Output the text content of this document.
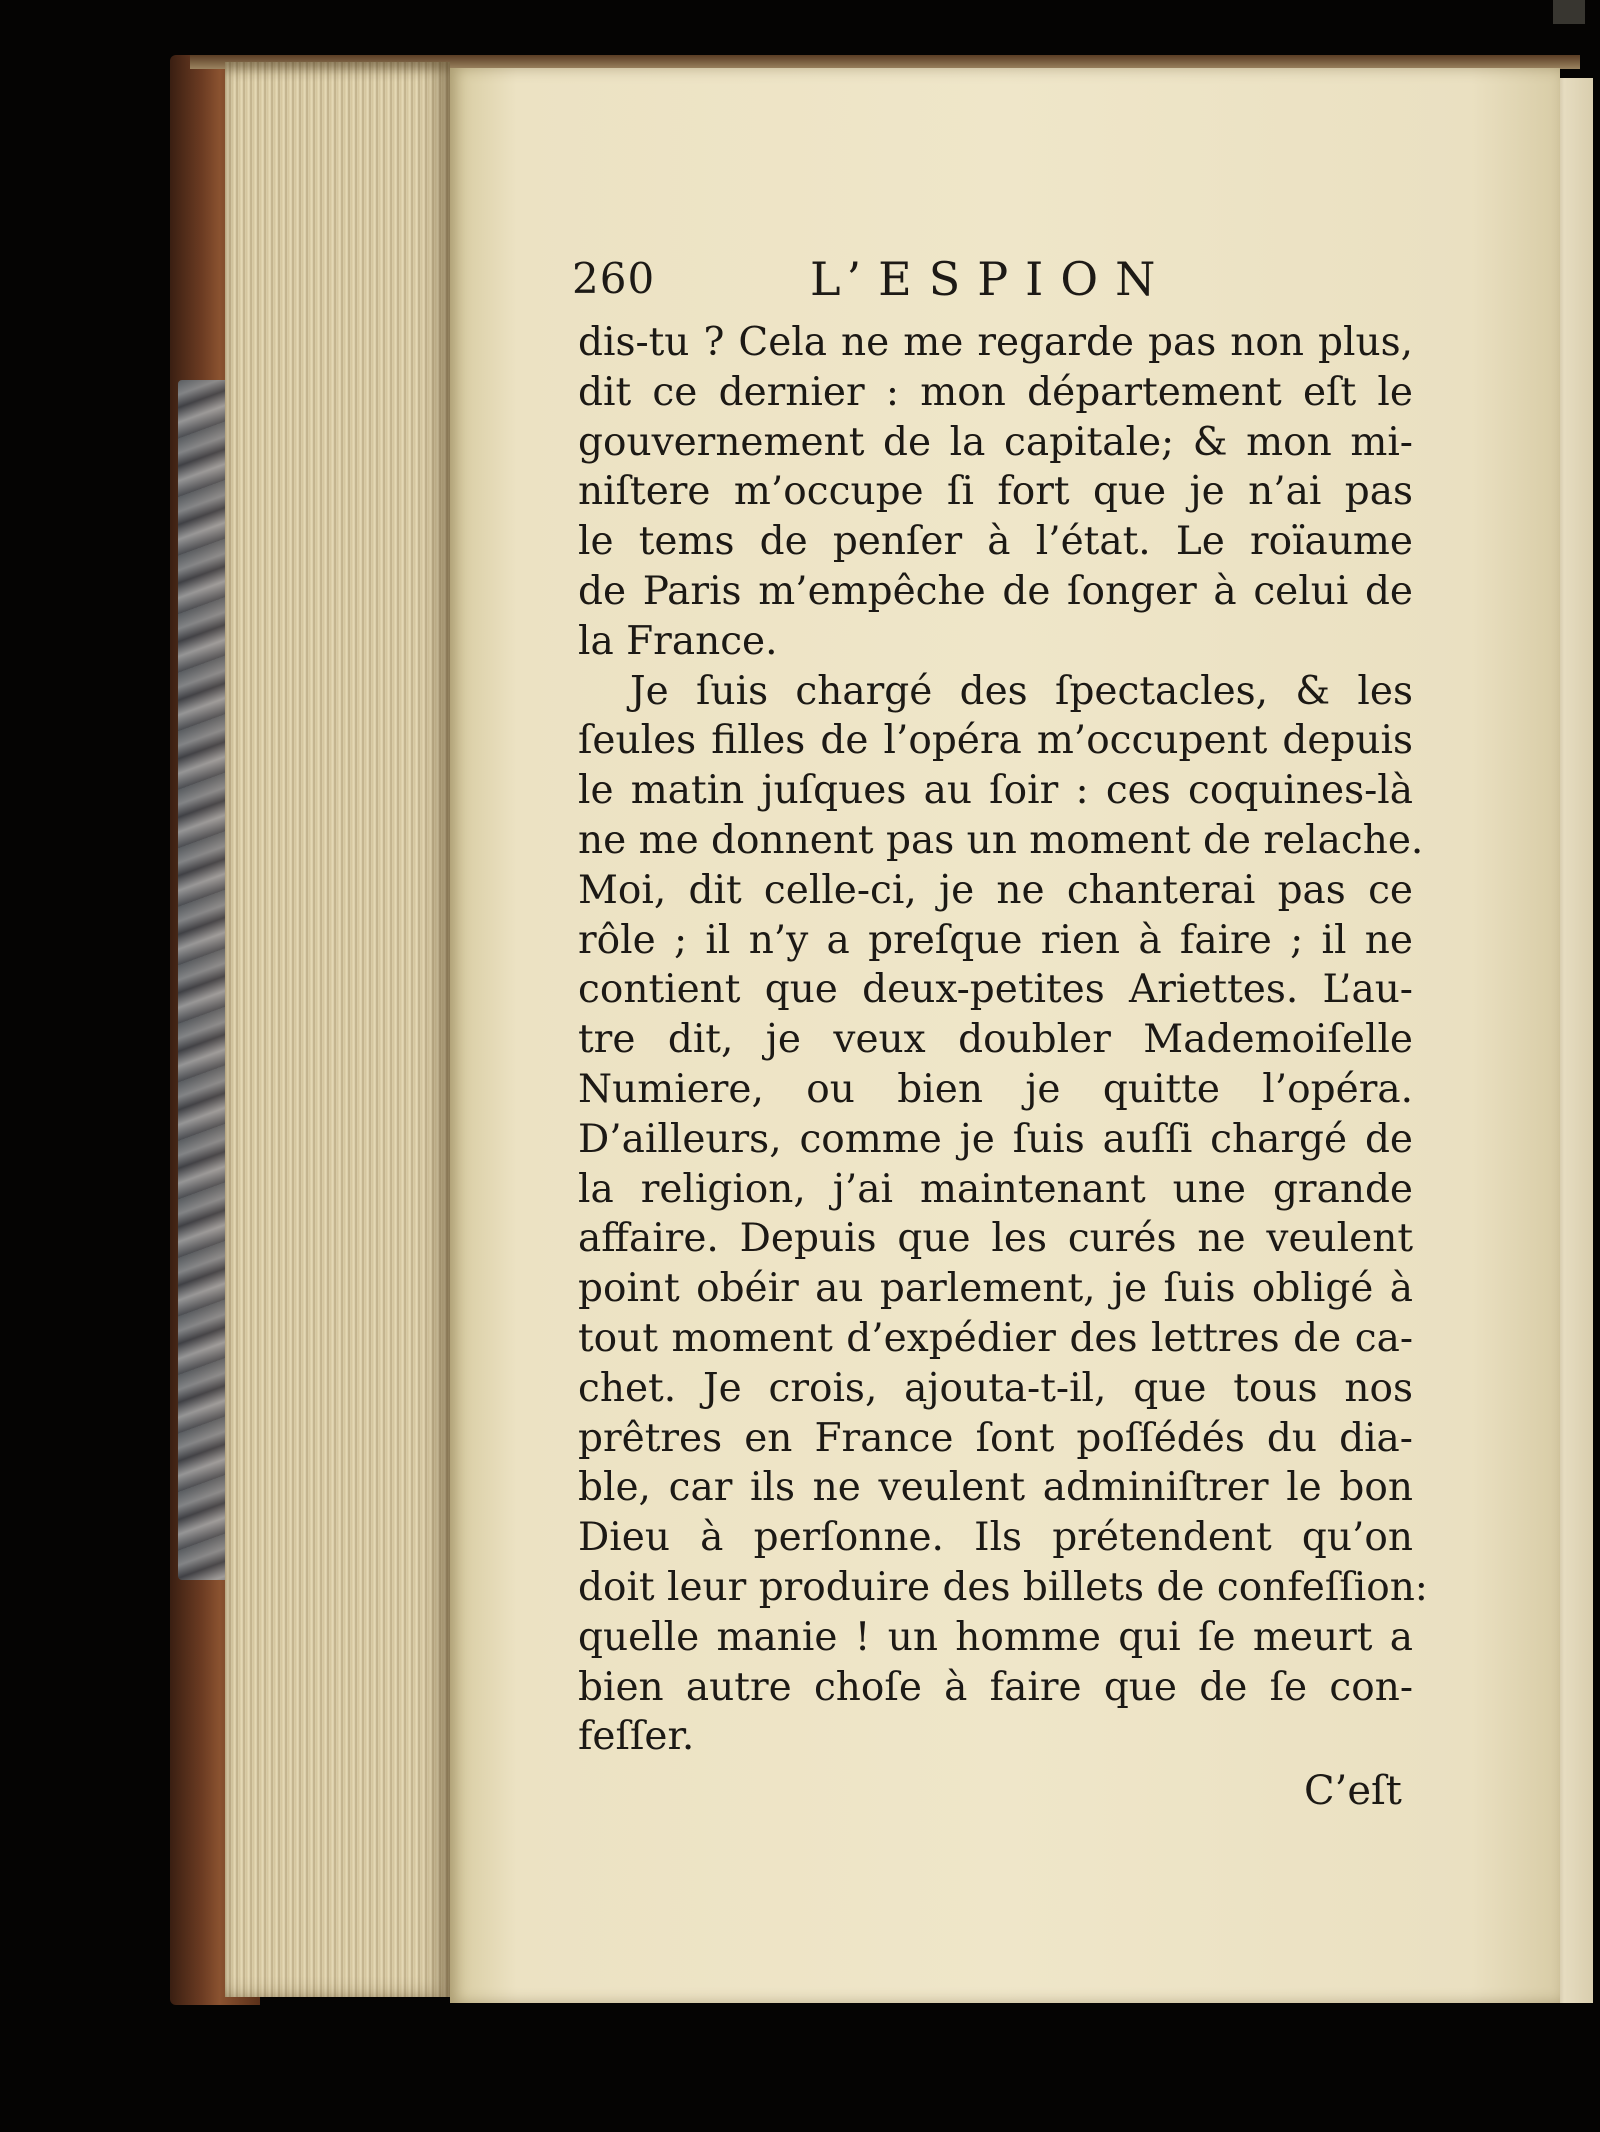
260	L’ESPION
dis-tu ? Cela ne me regarde pas non plus,
dit ce dernier : mon département eſt le
gouvernement de la capitale; & mon mi-
niſtere m’occupe ſi fort que je n’ai pas
le tems de penſer à l’état. Le roïaume
de Paris m’empêche de ſonger à celui de
la France.
Je ſuis chargé des ſpectacles, & les
ſeules filles de l’opéra m’occupent depuis
le matin juſques au ſoir : ces coquines-là
ne me donnent pas un moment de relache.
Moi, dit celle-ci, je ne chanterai pas ce
rôle ; il n’y a preſque rien à faire ; il ne
contient que deux-petites Ariettes. L’au-
tre dit, je veux doubler Mademoiſelle
Numiere, ou bien je quitte l’opéra.
D’ailleurs, comme je ſuis auſſi chargé de
la religion, j’ai maintenant une grande
affaire. Depuis que les curés ne veulent
point obéir au parlement, je ſuis obligé à
tout moment d’expédier des lettres de ca-
chet. Je crois, ajouta-t-il, que tous nos
prêtres en France ſont poſſédés du dia-
ble, car ils ne veulent adminiſtrer le bon
Dieu à perſonne. Ils prétendent qu’on
doit leur produire des billets de confeſſion:
quelle manie ! un homme qui ſe meurt a
bien autre choſe à faire que de ſe con-
feſſer.
C’eſt
